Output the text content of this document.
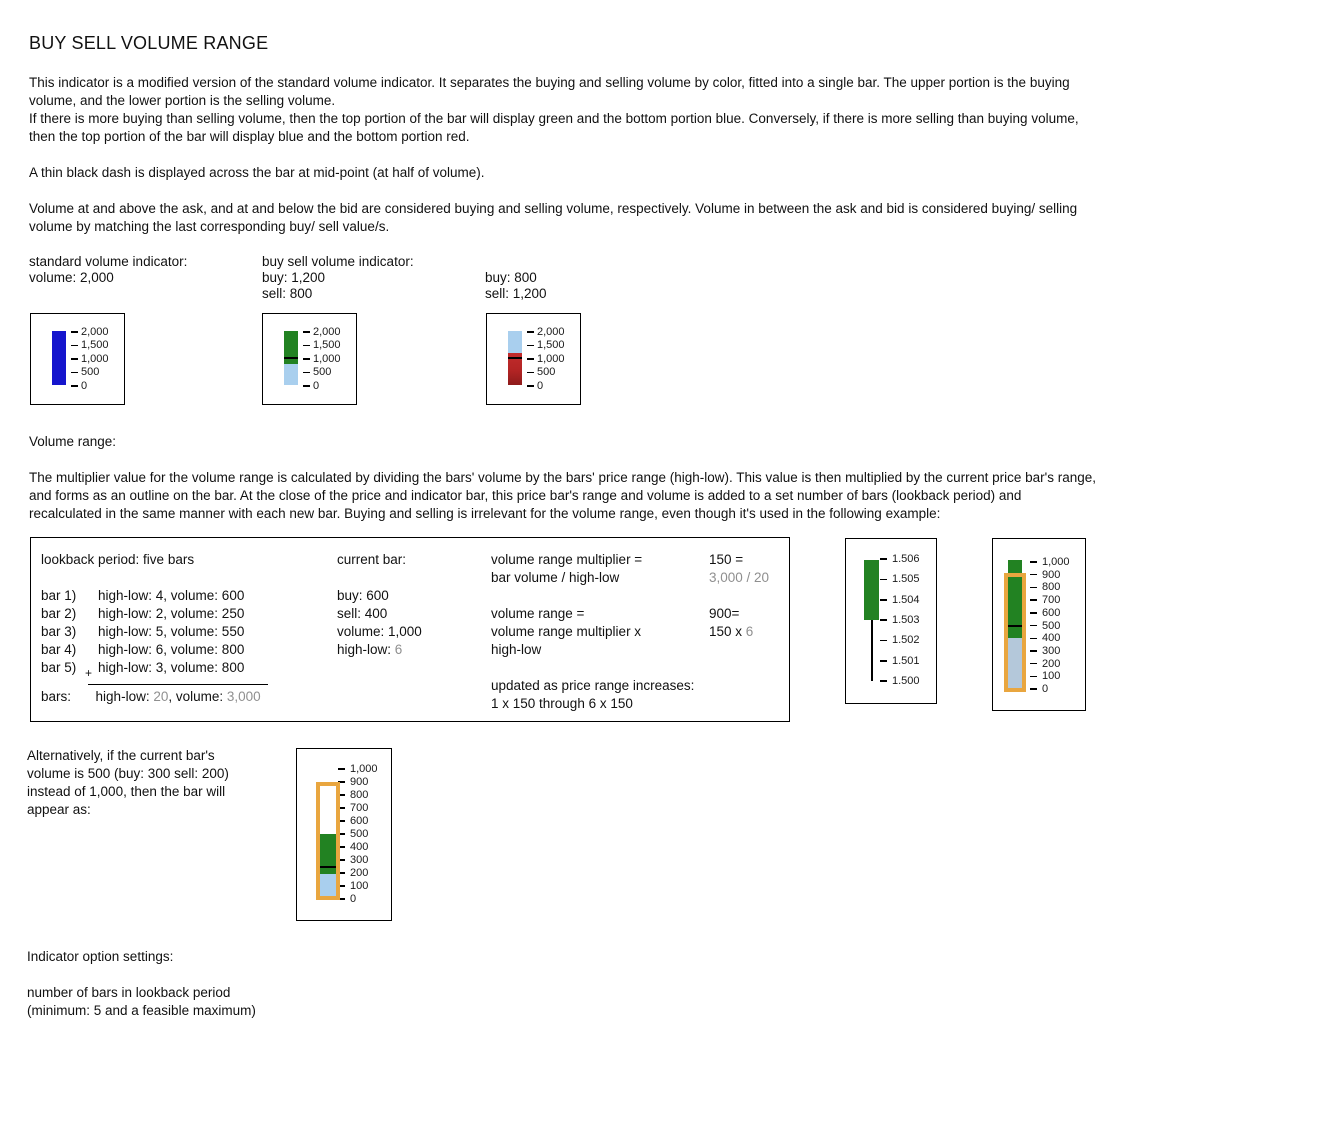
BUY SELL VOLUME RANGE
This indicator is a modified version of the standard volume indicator. It separates the buying and selling volume by color, fitted into a single bar. The upper portion is the buying
volume, and the lower portion is the selling volume.
If there is more buying than selling volume, then the top portion of the bar will display green and the bottom portion blue. Conversely, if there is more selling than buying volume,
then the top portion of the bar will display blue and the bottom portion red.
A thin black dash is displayed across the bar at mid-point (at half of volume).
Volume at and above the ask, and at and below the bid are considered buying and selling volume, respectively. Volume in between the ask and bid is considered buying/ selling
volume by matching the last corresponding buy/ sell value/s.
standard volume indicator:
volume: 2,000
buy sell volume indicator:
buy: 1,200
sell: 800
buy: 800
sell: 1,200
2,000
1,500
1,000
500
0
2,000
1,500
1,000
500
0
2,000
1,500
1,000
500
0
Volume range:
The multiplier value for the volume range is calculated by dividing the bars' volume by the bars' price range (high-low). This value is then multiplied by the current price bar's range,
and forms as an outline on the bar. At the close of the price and indicator bar, this price bar's range and volume is added to a set number of bars (lookback period) and
recalculated in the same manner with each new bar. Buying and selling is irrelevant for the volume range, even though it's used in the following example:
lookback period: five bars
bar 1)	high-low: 4, volume: 600
bar 2)	high-low: 2, volume: 250
bar 3)	high-low: 5, volume: 550
bar 4)	high-low: 6, volume: 800
bar 5)	high-low: 3, volume: 800
+
bars: high-low: 20, volume: 3,000
current bar:
buy: 600
sell: 400
volume: 1,000
high-low: 6
volume range multiplier =
bar volume / high-low
150 =
3,000 / 20
volume range =
volume range multiplier x
high-low
900=
150 x 6
updated as price range increases:
1 x 150 through 6 x 150
1.506
1.505
1.504
1.503
1.502
1.501
1.500
1,000
900
800
700
600
500
400
300
200
100
0
Alternatively, if the current bar's
volume is 500 (buy: 300 sell: 200)
instead of 1,000, then the bar will
appear as:
1,000
900
800
700
600
500
400
300
200
100
0
Indicator option settings:
number of bars in lookback period
(minimum: 5 and a feasible maximum)
